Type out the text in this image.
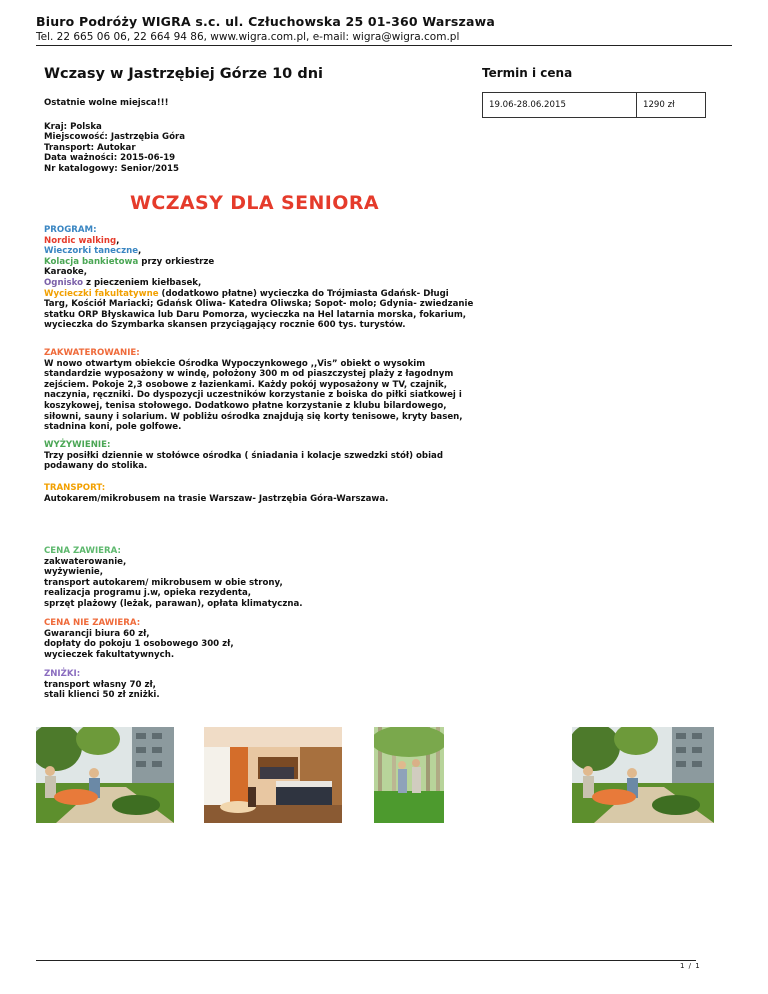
Biuro Podróży WIGRA s.c. ul. Człuchowska 25 01-360 Warszawa
Tel. 22 665 06 06, 22 664 94 86, www.wigra.com.pl, e-mail: wigra@wigra.com.pl
Wczasy w Jastrzębiej Górze 10 dni
Ostatnie wolne miejsca!!!
Kraj: Polska
Miejscowość: Jastrzębia Góra
Transport: Autokar
Data ważności: 2015-06-19
Nr katalogowy: Senior/2015
WCZASY DLA SENIORA
PROGRAM:
Nordic walking,
Wieczorki taneczne,
Kolacja bankietowa przy orkiestrze
Karaoke,
Ognisko z pieczeniem kiełbasek,
Wycieczki fakultatywne (dodatkowo płatne) wycieczka do Trójmiasta Gdańsk- Długi Targ, Kościół Mariacki; Gdańsk Oliwa- Katedra Oliwska; Sopot- molo; Gdynia- zwiedzanie statku ORP Błyskawica lub Daru Pomorza, wycieczka na Hel latarnia morska, fokarium, wycieczka do Szymbarka skansen przyciągający rocznie 600 tys. turystów.
ZAKWATEROWANIE:
W nowo otwartym obiekcie Ośrodka Wypoczynkowego ,,Vis” obiekt o wysokim standardzie wyposażony w windę, położony 300 m od piaszczystej plaży z łagodnym zejściem. Pokoje 2,3 osobowe z łazienkami. Każdy pokój wyposażony w TV, czajnik, naczynia, ręczniki. Do dyspozycji uczestników korzystanie z boiska do piłki siatkowej i koszykowej, tenisa stołowego. Dodatkowo płatne korzystanie z klubu bilardowego, siłowni, sauny i solarium. W pobliżu ośrodka znajdują się korty tenisowe, kryty basen, stadnina koni, pole golfowe.
WYŻYWIENIE:
Trzy posiłki dziennie w stołówce ośrodka ( śniadania i kolacje szwedzki stół) obiad podawany do stolika.
TRANSPORT:
Autokarem/mikrobusem na trasie Warszaw- Jastrzębia Góra-Warszawa.
CENA ZAWIERA:
zakwaterowanie,
wyżywienie,
transport autokarem/ mikrobusem w obie strony,
realizacja programu j.w, opieka rezydenta,
sprzęt plażowy (leżak, parawan), opłata klimatyczna.
CENA NIE ZAWIERA:
Gwarancji biura 60 zł,
dopłaty do pokoju 1 osobowego 300 zł,
wycieczek fakultatywnych.
ZNIŻKI:
transport własny 70 zł,
stali klienci 50 zł zniżki.
Termin i cena
19.06-28.06.2015	1290 zł
1 / 1
